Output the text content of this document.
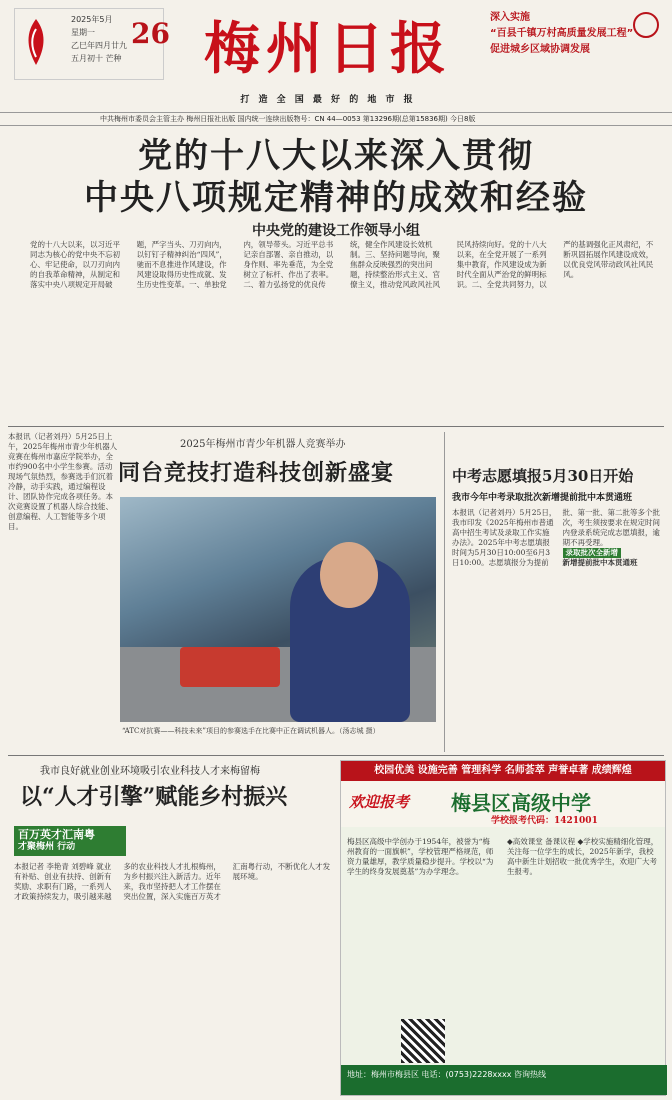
2025年5月
星期一
乙巳年四月廿九
五月初十 芒种
26 梅州日报
打 造 全 国 最 好 的 地 市 报
深入实施
“百县千镇万村高质量发展工程”
促进城乡区域协调发展
中共梅州市委员会主管主办 梅州日报社出版 国内统一连续出版物号：CN 44—0053 第13296期(总第15836期) 今日8版
党的十八大以来深入贯彻
中央八项规定精神的成效和经验
中央党的建设工作领导小组
党的十八大以来，以习近平同志为核心的党中央不忘初心、牢记使命，以刀刃向内的自我革命精神，从制定和落实中央八项规定开局破题，严字当头、刀刃向内，以钉钉子精神纠治“四风”，驰而不息推进作风建设，作风建设取得历史性成就、发生历史性变革。一、单独党内，领导带头。习近平总书记亲自部署、亲自推动，以身作则、率先垂范，为全党树立了标杆、作出了表率。二、着力弘扬党的优良传统，健全作风建设长效机制。三、坚持问题导向，聚焦群众反映强烈的突出问题，持续整治形式主义、官僚主义，推动党风政风社风民风持续向好。党的十八大以来，在全党开展了一系列集中教育，作风建设成为新时代全面从严治党的鲜明标识。二、全党共同努力，以严的基调强化正风肃纪，不断巩固拓展作风建设成效，以优良党风带动政风社风民风。
本报讯（记者刘丹）5月25日上午，2025年梅州市青少年机器人竞赛在梅州市嘉应学院举办，全市约900名中小学生参赛。活动现场气氛热烈，参赛选手们沉着冷静，动手实践，通过编程设计、团队协作完成各项任务。本次竞赛设置了机器人综合技能、创意编程、人工智能等多个项目。
2025年梅州市青少年机器人竞赛举办
同台竞技打造科技创新盛宴
“ATC对抗赛——科技未来”项目的参赛选手在比赛中正在调试机器人。（汤志城 摄）
中考志愿填报5月30日开始
我市今年中考录取批次新增提前批中本贯通班
本报讯（记者刘丹）5月25日，我市印发《2025年梅州市普通高中招生考试及录取工作实施办法》。2025年中考志愿填报时间为5月30日10:00至6月3日10:00。志愿填报分为提前批、第一批、第二批等多个批次，考生须按要求在规定时间内登录系统完成志愿填报，逾期不再受理。
录取批次全新增
新增提前批中本贯通班
我市良好就业创业环境吸引农业科技人才来梅留梅
以“人才引擎”赋能乡村振兴
百万英才汇南粤
才聚梅州 行动
本报记者 李艳青 刘碧峰 就业有补贴、创业有扶持、创新有奖励、求职有门路，一系列人才政策持续发力，吸引越来越多的农业科技人才扎根梅州，为乡村振兴注入新活力。近年来，我市坚持把人才工作摆在突出位置，深入实施百万英才汇南粤行动，不断优化人才发展环境。
校园优美 设施完善 管理科学 名师荟萃 声誉卓著 成绩辉煌
欢迎报考 梅县区高级中学
学校报考代码：1421001
梅县区高级中学创办于1954年，被誉为“梅州教育的一面旗帜”，学校管理严格规范，师资力量雄厚，教学质量稳步提升。学校以“为学生的终身发展奠基”为办学理念。
◆高效课堂 备课议程 ◆学校实施精细化管理，关注每一位学生的成长，2025年新学，我校高中新生计划招收一批优秀学生，欢迎广大考生报考。
地址：梅州市梅县区 电话：(0753)2228xxxx 咨询热线
